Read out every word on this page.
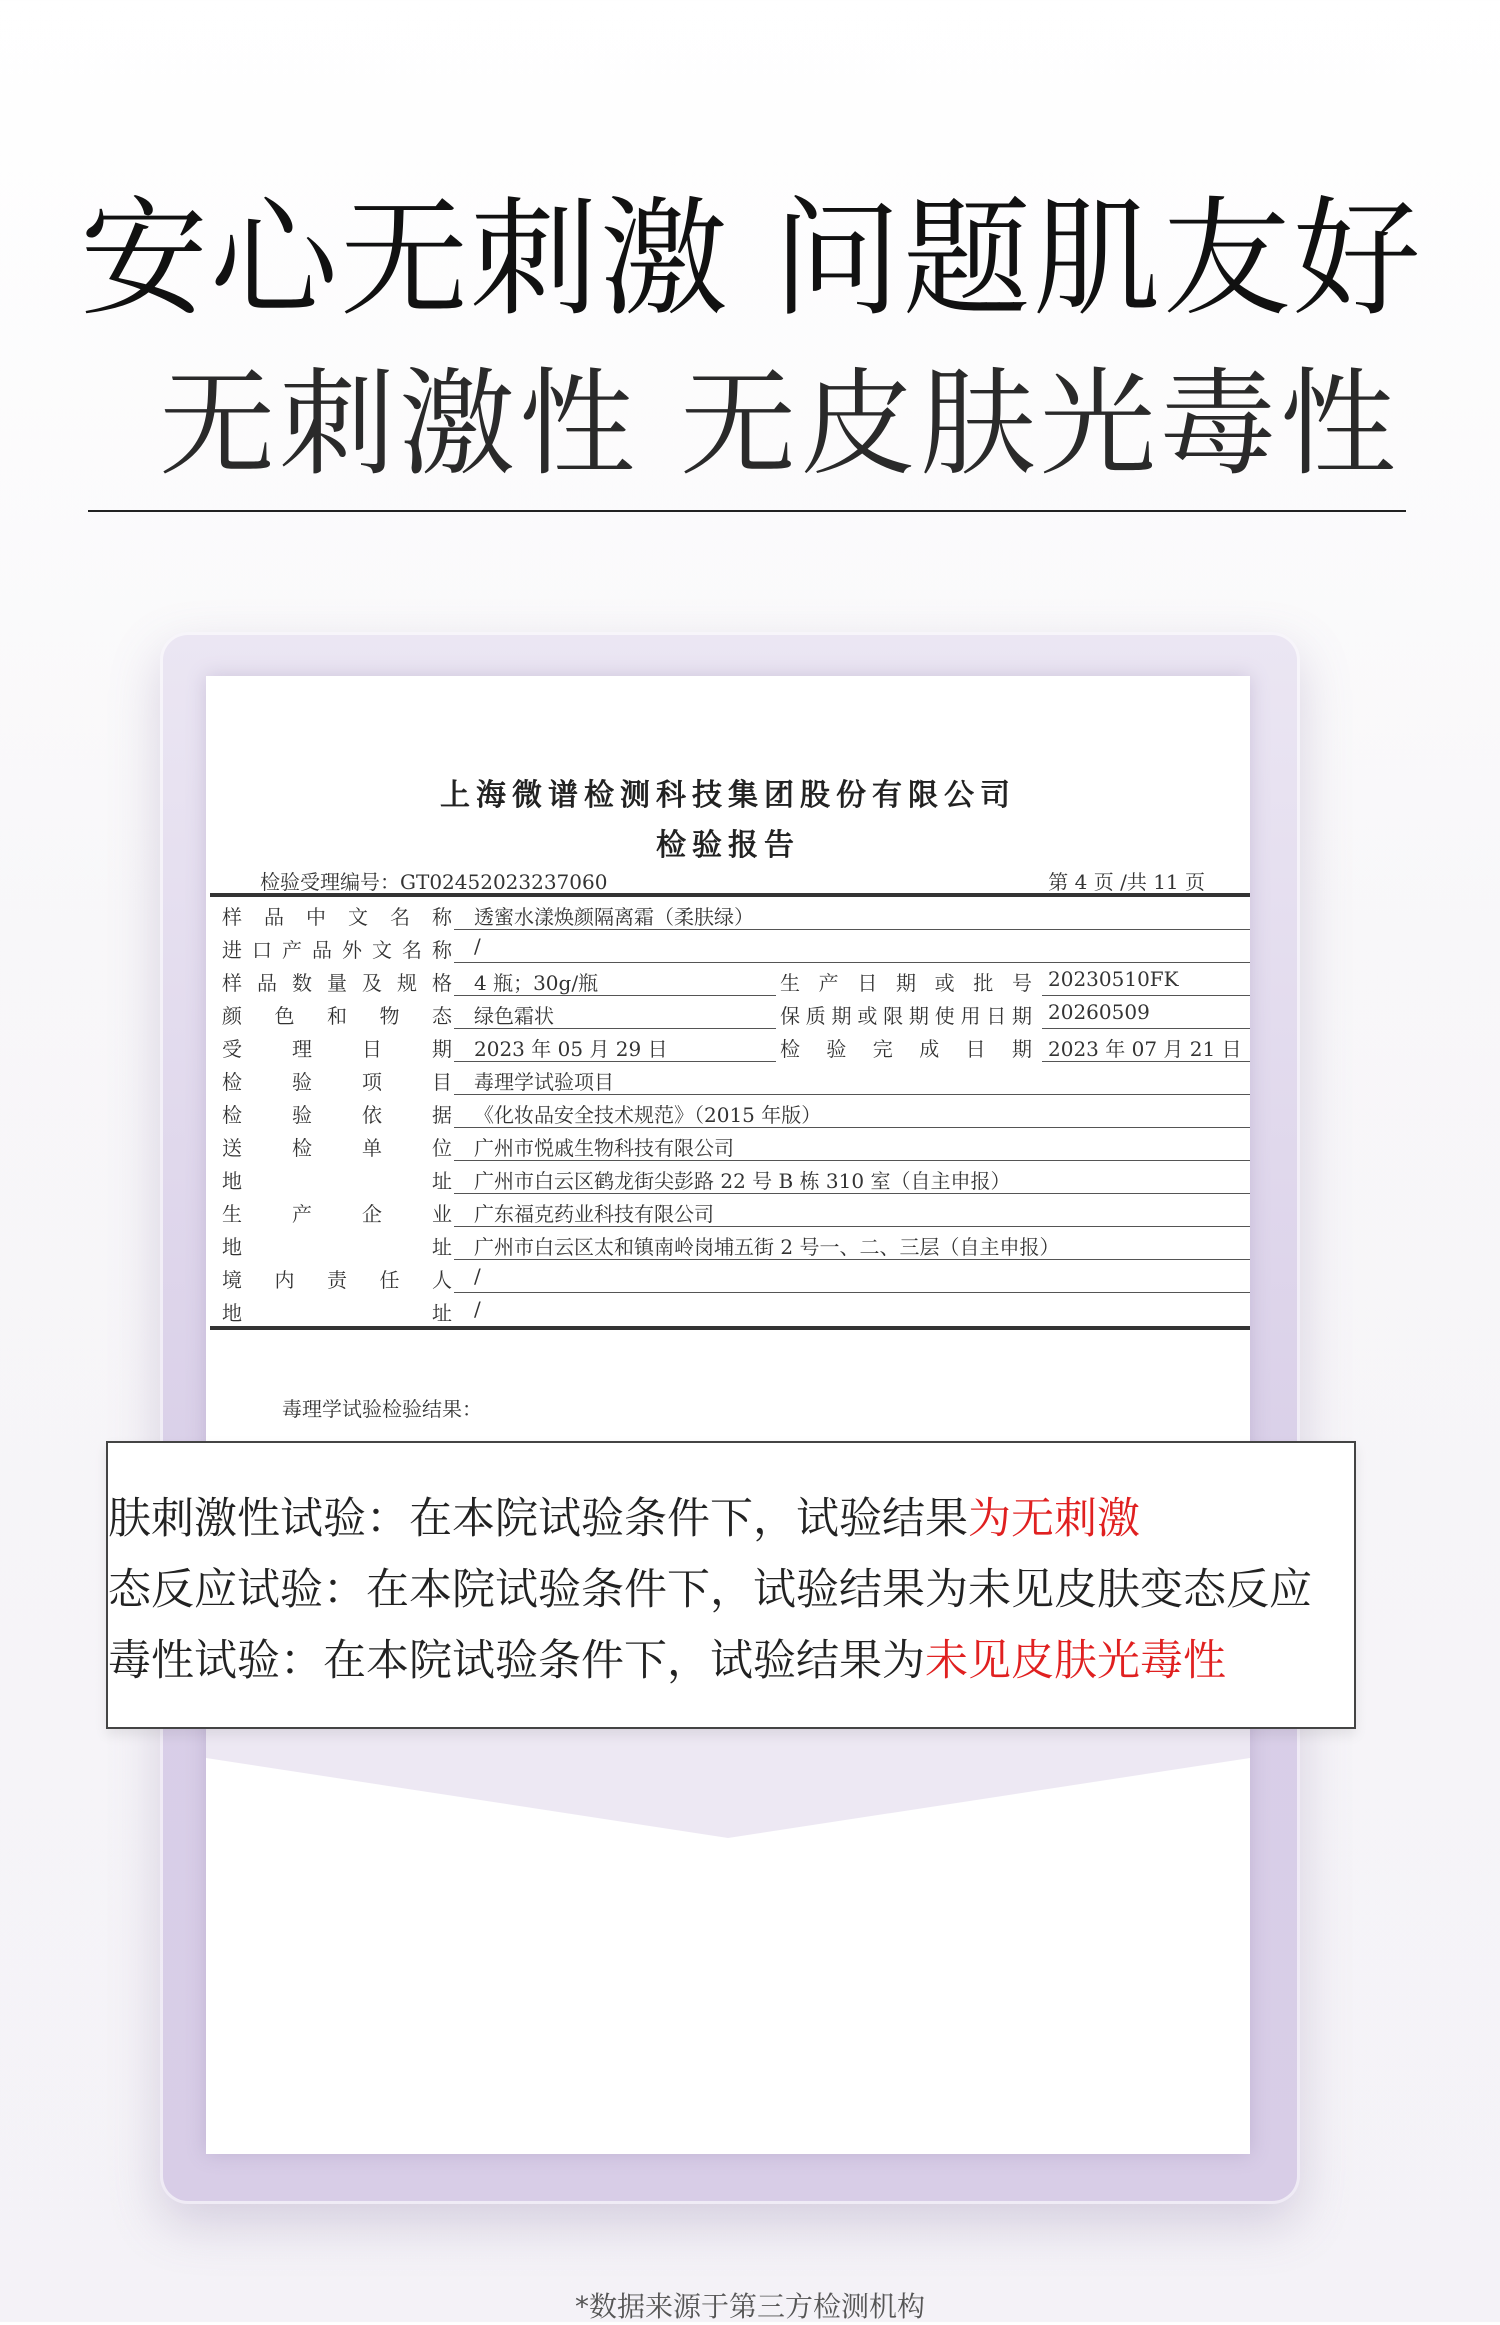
安心无刺激 问题肌友好
无刺激性 无皮肤光毒性
上海微谱检测科技集团股份有限公司
检验报告
检验受理编号：GT02452023237060	第 4 页 /共 11 页
样品中文名称	透蜜水漾焕颜隔离霜（柔肤绿）
进口产品外文名称	/
样品数量及规格	4 瓶；30g/瓶	生产日期或批号 20230510FK
颜色和物态	绿色霜状	保质期或限期使用日期 20260509
受理日期	2023 年 05 月 29 日	检验完成日期 2023 年 07 月 21 日
检验项目	毒理学试验项目
检验依据	《化妆品安全技术规范》（2015 年版）
送检单位	广州市悦戚生物科技有限公司
地址	广州市白云区鹤龙街尖彭路 22 号 B 栋 310 室（自主申报）
生产企业	广东福克药业科技有限公司
地址	广州市白云区太和镇南岭岗埔五街 2 号一、二、三层（自主申报）
境内责任人	/
地址	/
毒理学试验检验结果：
肤刺激性试验：在本院试验条件下，试验结果为无刺激
态反应试验：在本院试验条件下，试验结果为未见皮肤变态反应
毒性试验：在本院试验条件下，试验结果为未见皮肤光毒性
*数据来源于第三方检测机构
